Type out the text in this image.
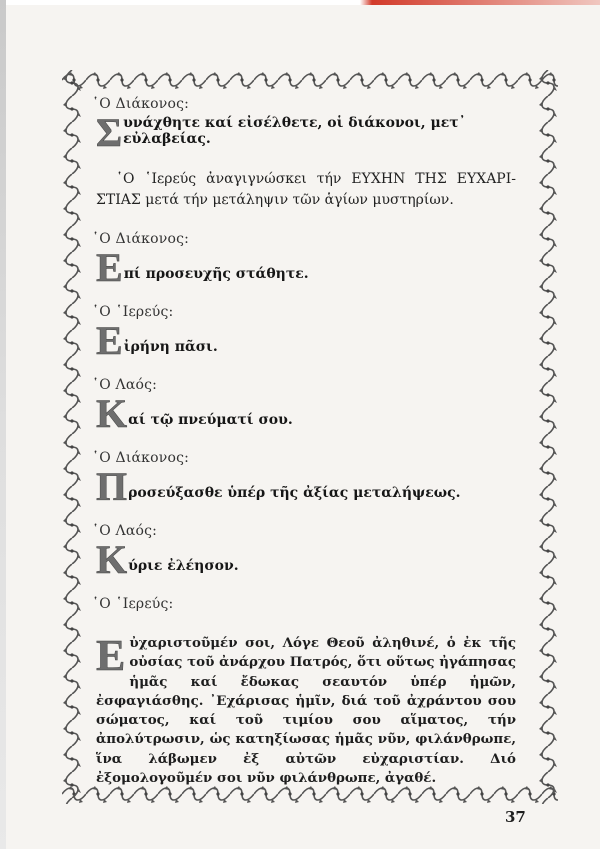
῾Ο Διάκονος:
Σ υνάχθητε καί εἰσέλθετε, οἱ διάκονοι, μετ᾿ εὐλαβείας.

῾Ο ῾Ιερεύς ἀναγιγνώσκει τήν ΕΥΧΗΝ ΤΗΣ ΕΥΧΑΡΙ-ΣΤΙΑΣ μετά τήν μετάληψιν τῶν ἁγίων μυστηρίων.

῾Ο Διάκονος:
Ε πί προσευχῆς στάθητε.
῾Ο ῾Ιερεύς:
Ε ἰρήνη πᾶσι.
῾Ο Λαός:
Κ αί τῷ πνεύματί σου.
῾Ο Διάκονος:
Π ροσεύξασθε ὑπέρ τῆς ἀξίας μεταλήψεως.
῾Ο Λαός:
Κ ύριε ἐλέησον.
῾Ο ῾Ιερεύς:
Ε ὐχαριστοῦμέν σοι, Λόγε Θεοῦ ἀληθινέ, ὁ ἐκ τῆς οὐσίας τοῦ ἀνάρχου Πατρός, ὅτι οὕτως ἠγάπησας ἡμᾶς καί ἔδωκας σεαυτόν ὑπέρ ἡμῶν, ἐσφαγιάσθης. ᾿Εχάρισας ἡμῖν, διά τοῦ ἀχράντου σου σώματος, καί τοῦ τιμίου σου αἵματος, τήν ἀπολύτρωσιν, ὡς κατηξίωσας ἡμᾶς νῦν, φιλάνθρωπε, ἵνα λάβωμεν ἐξ αὐτῶν εὐχαριστίαν. Διό ἐξομολογοῦμέν σοι νῦν φιλάνθρωπε, ἀγαθέ.
37
